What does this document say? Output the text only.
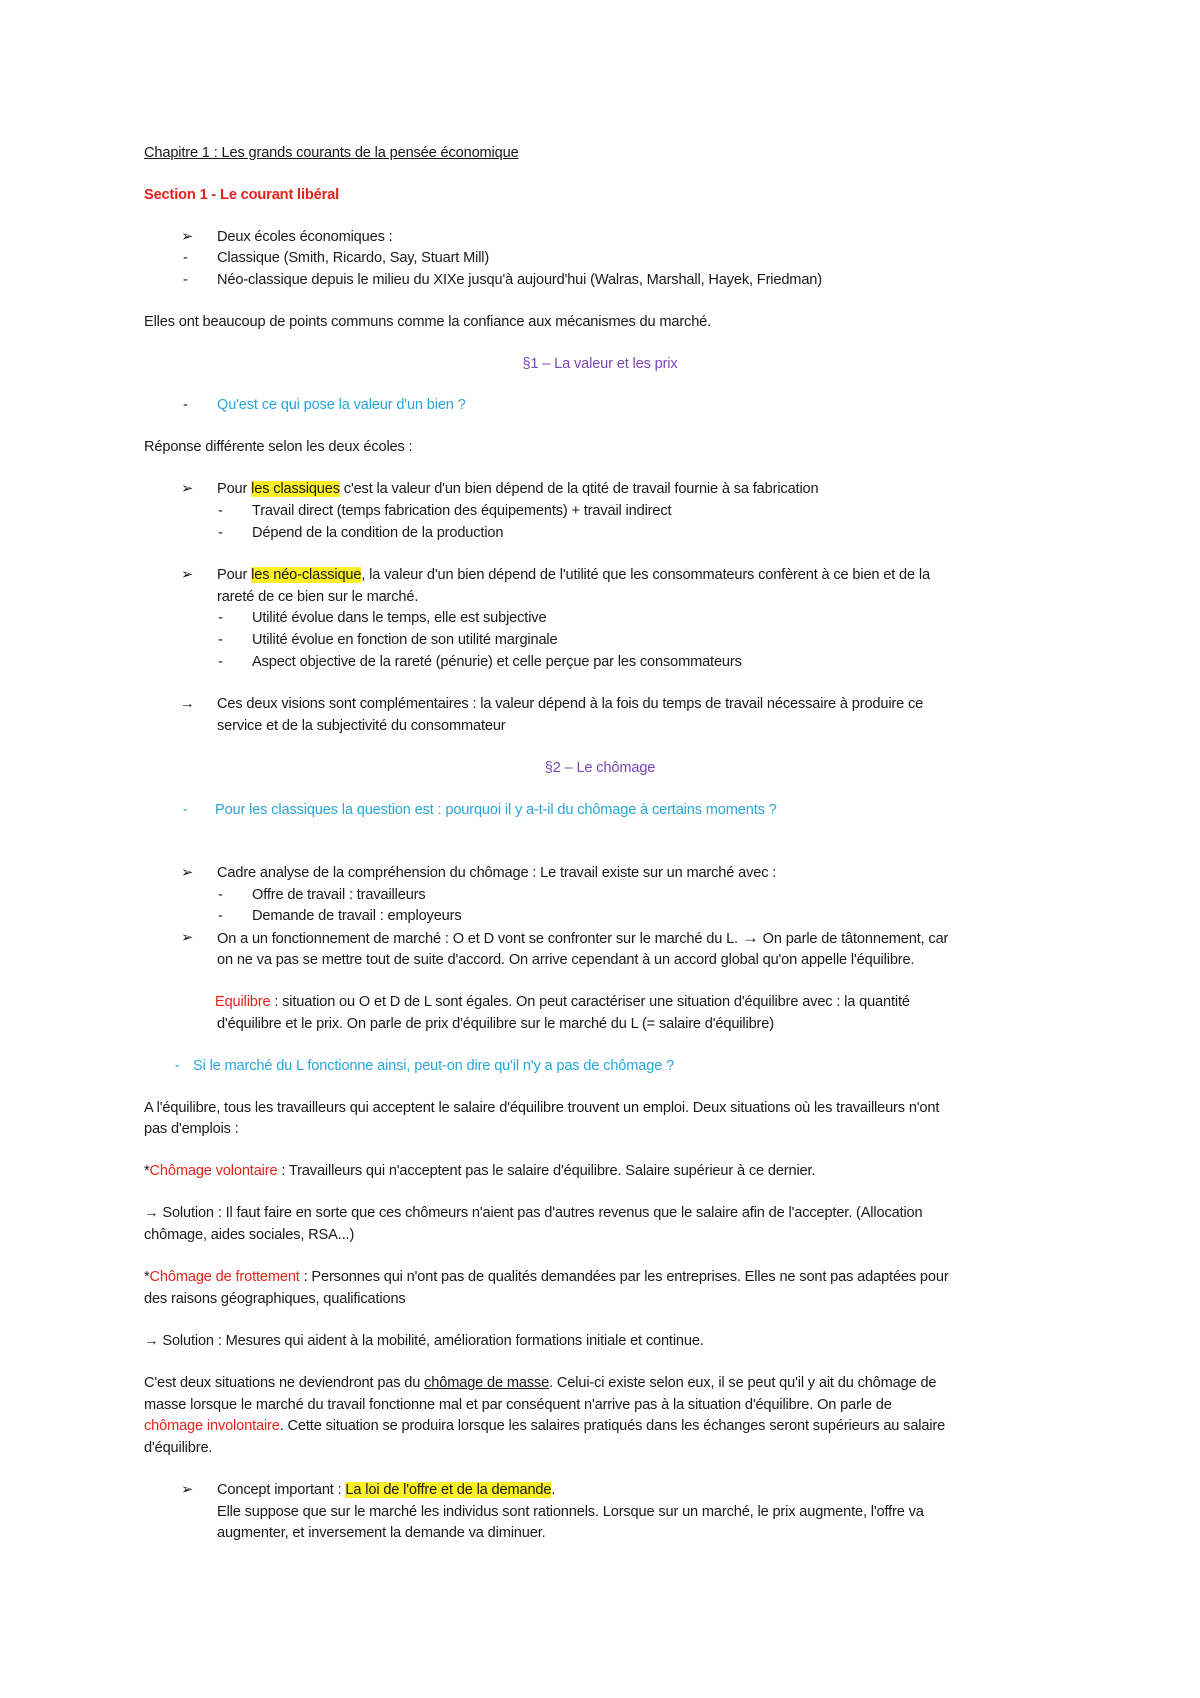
Chapitre 1 : Les grands courants de la pensée économique
Section 1 - Le courant libéral
➢ Deux écoles économiques :
- Classique (Smith, Ricardo, Say, Stuart Mill)
- Néo-classique depuis le milieu du XIXe jusqu'à aujourd'hui (Walras, Marshall, Hayek, Friedman)
Elles ont beaucoup de points communs comme la confiance aux mécanismes du marché.
§1 – La valeur et les prix
- Qu'est ce qui pose la valeur d'un bien ?
Réponse différente selon les deux écoles :
➢ Pour les classiques c'est la valeur d'un bien dépend de la qtité de travail fournie à sa fabrication
- Travail direct (temps fabrication des équipements) + travail indirect
- Dépend de la condition de la production
➢ Pour les néo-classique, la valeur d'un bien dépend de l'utilité que les consommateurs confèrent à ce bien et de la
rareté de ce bien sur le marché.
- Utilité évolue dans le temps, elle est subjective
- Utilité évolue en fonction de son utilité marginale
- Aspect objective de la rareté (pénurie) et celle perçue par les consommateurs
→ Ces deux visions sont complémentaires : la valeur dépend à la fois du temps de travail nécessaire à produire ce
service et de la subjectivité du consommateur
§2 – Le chômage
- Pour les classiques la question est : pourquoi il y a-t-il du chômage à certains moments ?
➢ Cadre analyse de la compréhension du chômage : Le travail existe sur un marché avec :
- Offre de travail : travailleurs
- Demande de travail : employeurs
➢ On a un fonctionnement de marché : O et D vont se confronter sur le marché du L. → On parle de tâtonnement, car
on ne va pas se mettre tout de suite d'accord. On arrive cependant à un accord global qu'on appelle l'équilibre.
Equilibre : situation ou O et D de L sont égales. On peut caractériser une situation d'équilibre avec : la quantité
d'équilibre et le prix. On parle de prix d'équilibre sur le marché du L (= salaire d'équilibre)
- Si le marché du L fonctionne ainsi, peut-on dire qu'il n'y a pas de chômage ?
A l'équilibre, tous les travailleurs qui acceptent le salaire d'équilibre trouvent un emploi. Deux situations où les travailleurs n'ont
pas d'emplois :
*Chômage volontaire : Travailleurs qui n'acceptent pas le salaire d'équilibre. Salaire supérieur à ce dernier.
→ Solution : Il faut faire en sorte que ces chômeurs n'aient pas d'autres revenus que le salaire afin de l'accepter. (Allocation
chômage, aides sociales, RSA...)
*Chômage de frottement : Personnes qui n'ont pas de qualités demandées par les entreprises. Elles ne sont pas adaptées pour
des raisons géographiques, qualifications
→ Solution : Mesures qui aident à la mobilité, amélioration formations initiale et continue.
C'est deux situations ne deviendront pas du chômage de masse. Celui-ci existe selon eux, il se peut qu'il y ait du chômage de
masse lorsque le marché du travail fonctionne mal et par conséquent n'arrive pas à la situation d'équilibre. On parle de
chômage involontaire. Cette situation se produira lorsque les salaires pratiqués dans les échanges seront supérieurs au salaire
d'équilibre.
➢ Concept important : La loi de l'offre et de la demande.
Elle suppose que sur le marché les individus sont rationnels. Lorsque sur un marché, le prix augmente, l'offre va
augmenter, et inversement la demande va diminuer.
